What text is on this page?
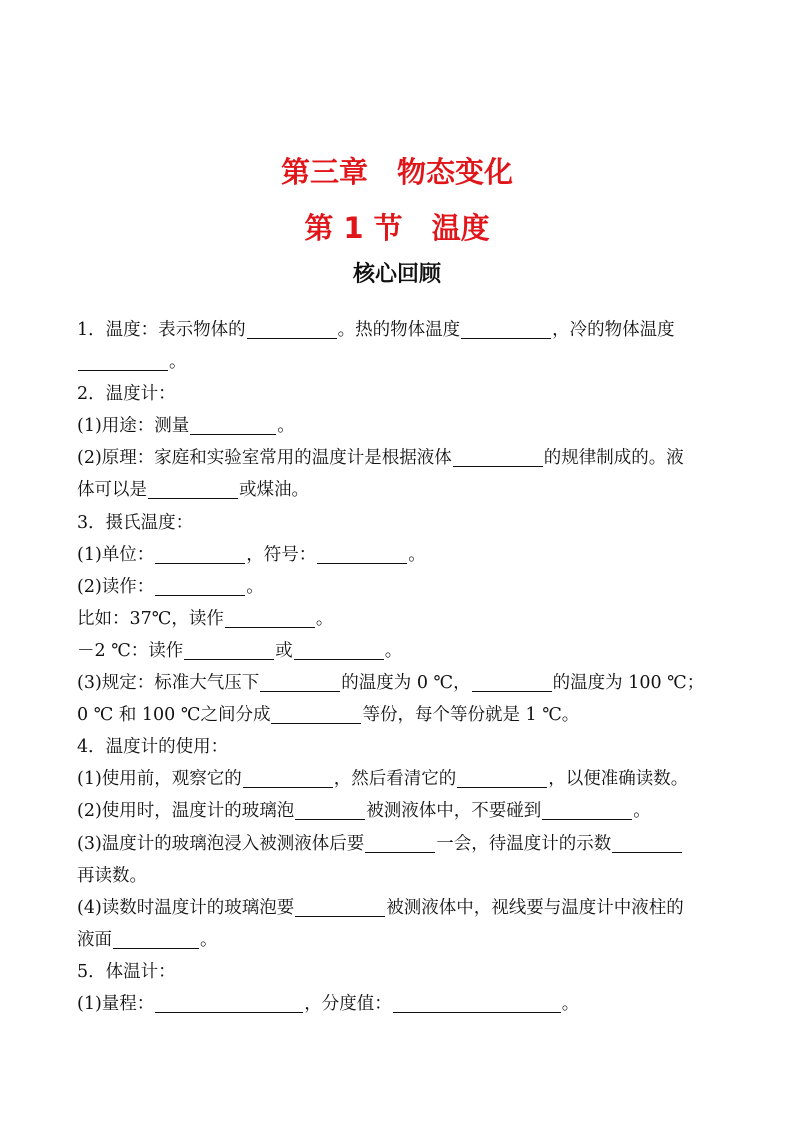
第三章　物态变化
第 1 节　温度
核心回顾
1．温度：表示物体的	。热的物体温度	，冷的物体温度
。
2．温度计：
(1)用途：测量	。
(2)原理：家庭和实验室常用的温度计是根据液体	的规律制成的。液
体可以是	或煤油。
3．摄氏温度：
(1)单位：	，符号：	。
(2)读作：	。
比如：37℃，读作	。
－2 ℃：读作	或	。
(3)规定：标准大气压下	的温度为 0 ℃，	的温度为 100 ℃；
0 ℃ 和 100 ℃之间分成	等份，每个等份就是 1 ℃。
4．温度计的使用：
(1)使用前，观察它的	，然后看清它的	，以便准确读数。
(2)使用时，温度计的玻璃泡	被测液体中，不要碰到	。
(3)温度计的玻璃泡浸入被测液体后要	一会，待温度计的示数
再读数。
(4)读数时温度计的玻璃泡要	被测液体中，视线要与温度计中液柱的
液面	。
5．体温计：
(1)量程：	，分度值：	。
